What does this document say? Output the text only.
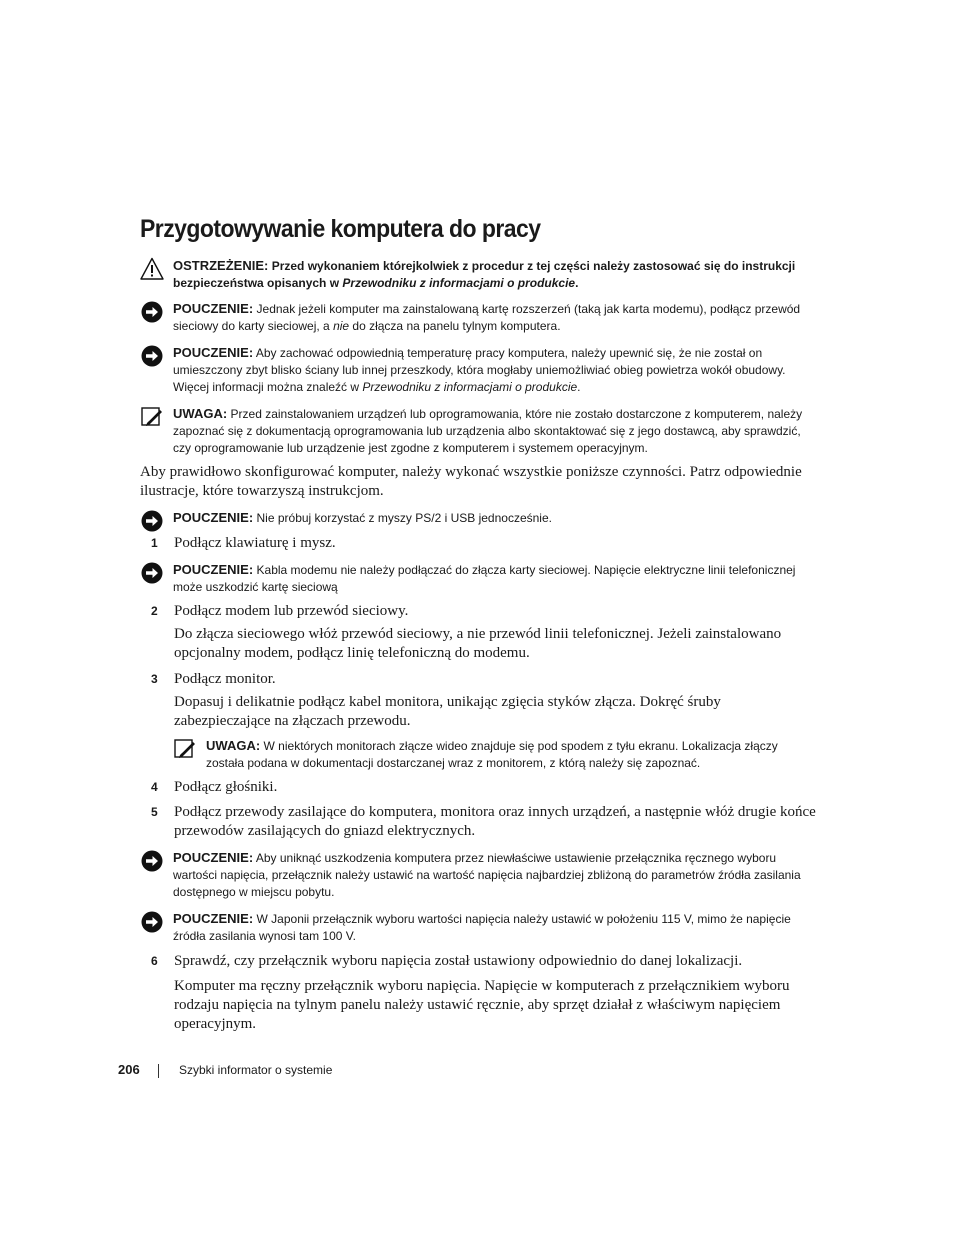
Przygotowywanie komputera do pracy
OSTRZEŻENIE: Przed wykonaniem którejkolwiek z procedur z tej części należy zastosować się do instrukcji bezpieczeństwa opisanych w Przewodniku z informacjami o produkcie.
POUCZENIE: Jednak jeżeli komputer ma zainstalowaną kartę rozszerzeń (taką jak karta modemu), podłącz przewód sieciowy do karty sieciowej, a nie do złącza na panelu tylnym komputera.
POUCZENIE: Aby zachować odpowiednią temperaturę pracy komputera, należy upewnić się, że nie został on umieszczony zbyt blisko ściany lub innej przeszkody, która mogłaby uniemożliwiać obieg powietrza wokół obudowy. Więcej informacji można znaleźć w Przewodniku z informacjami o produkcie.
UWAGA: Przed zainstalowaniem urządzeń lub oprogramowania, które nie zostało dostarczone z komputerem, należy zapoznać się z dokumentacją oprogramowania lub urządzenia albo skontaktować się z jego dostawcą, aby sprawdzić, czy oprogramowanie lub urządzenie jest zgodne z komputerem i systemem operacyjnym.

Aby prawidłowo skonfigurować komputer, należy wykonać wszystkie poniższe czynności. Patrz odpowiednie ilustracje, które towarzyszą instrukcjom.

POUCZENIE: Nie próbuj korzystać z myszy PS/2 i USB jednocześnie.
1 Podłącz klawiaturę i mysz.
POUCZENIE: Kabla modemu nie należy podłączać do złącza karty sieciowej. Napięcie elektryczne linii telefonicznej może uszkodzić kartę sieciową
2 Podłącz modem lub przewód sieciowy.

Do złącza sieciowego włóż przewód sieciowy, a nie przewód linii telefonicznej. Jeżeli zainstalowano opcjonalny modem, podłącz linię telefoniczną do modemu.

3 Podłącz monitor.

Dopasuj i delikatnie podłącz kabel monitora, unikając zgięcia styków złącza. Dokręć śruby zabezpieczające na złączach przewodu.

UWAGA: W niektórych monitorach złącze wideo znajduje się pod spodem z tyłu ekranu. Lokalizacja złączy została podana w dokumentacji dostarczanej wraz z monitorem, z którą należy się zapoznać.
4 Podłącz głośniki.
5 Podłącz przewody zasilające do komputera, monitora oraz innych urządzeń, a następnie włóż drugie końce przewodów zasilających do gniazd elektrycznych.

POUCZENIE: Aby uniknąć uszkodzenia komputera przez niewłaściwe ustawienie przełącznika ręcznego wyboru wartości napięcia, przełącznik należy ustawić na wartość napięcia najbardziej zbliżoną do parametrów źródła zasilania dostępnego w miejscu pobytu.
POUCZENIE: W Japonii przełącznik wyboru wartości napięcia należy ustawić w położeniu 115 V, mimo że napięcie źródła zasilania wynosi tam 100 V.
6 Sprawdź, czy przełącznik wyboru napięcia został ustawiony odpowiednio do danej lokalizacji.

Komputer ma ręczny przełącznik wyboru napięcia. Napięcie w komputerach z przełącznikiem wyboru rodzaju napięcia na tylnym panelu należy ustawić ręcznie, aby sprzęt działał z właściwym napięciem operacyjnym.

206	Szybki informator o systemie
